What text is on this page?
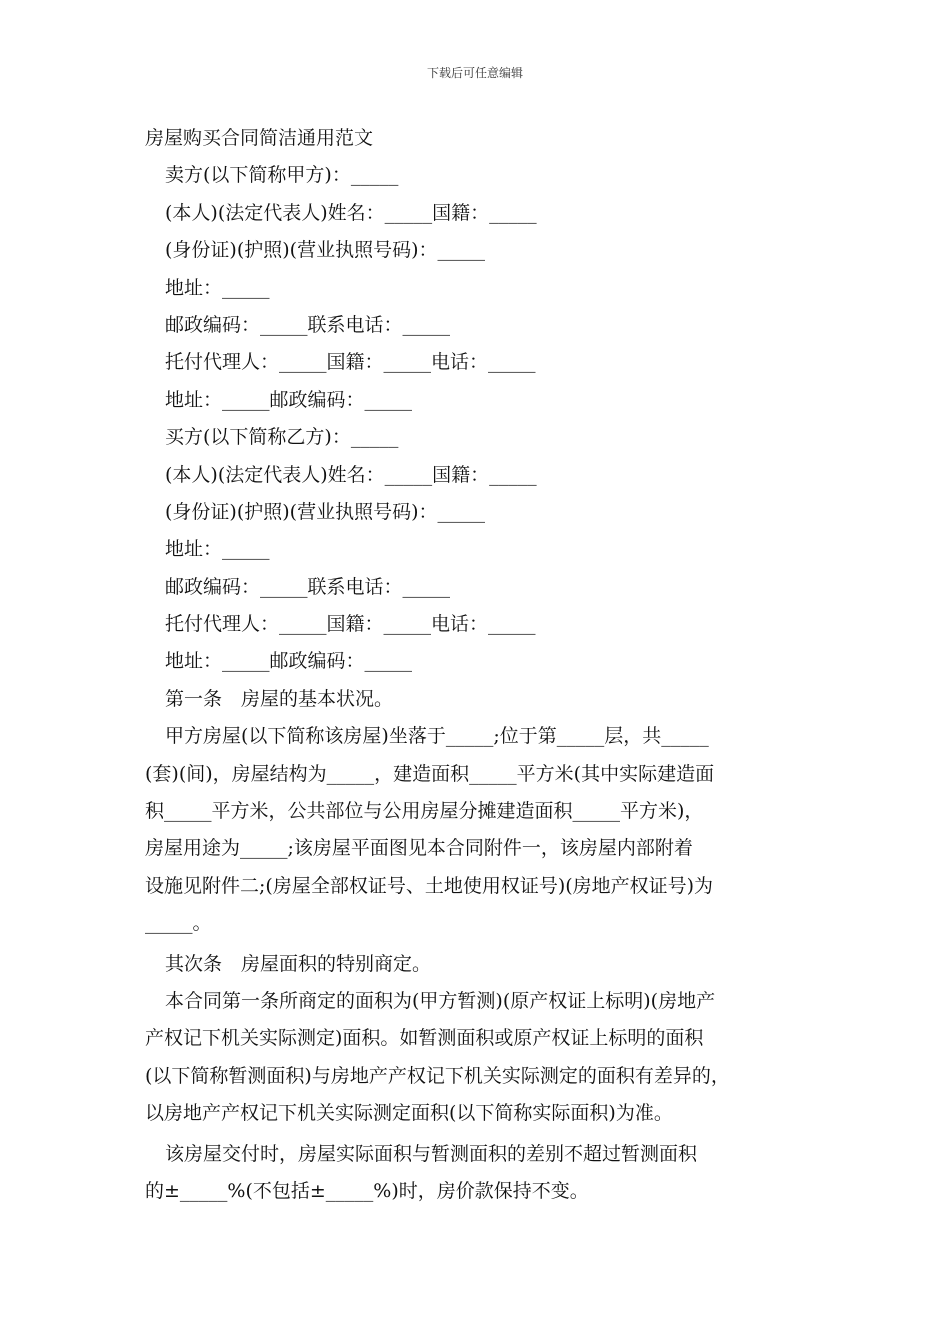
下载后可任意编辑
房屋购买合同简洁通用范文
卖方(以下简称甲方)：_____
(本人)(法定代表人)姓名：_____国籍：_____
(身份证)(护照)(营业执照号码)：_____
地址：_____
邮政编码：_____联系电话：_____
托付代理人：_____国籍：_____电话：_____
地址：_____邮政编码：_____
买方(以下简称乙方)：_____
(本人)(法定代表人)姓名：_____国籍：_____
(身份证)(护照)(营业执照号码)：_____
地址：_____
邮政编码：_____联系电话：_____
托付代理人：_____国籍：_____电话：_____
地址：_____邮政编码：_____
第一条　房屋的基本状况。
甲方房屋(以下简称该房屋)坐落于_____;位于第_____层，共_____
(套)(间)，房屋结构为_____，建造面积_____平方米(其中实际建造面
积_____平方米，公共部位与公用房屋分摊建造面积_____平方米)，
房屋用途为_____;该房屋平面图见本合同附件一，该房屋内部附着
设施见附件二;(房屋全部权证号、土地使用权证号)(房地产权证号)为
_____。
其次条　房屋面积的特别商定。
本合同第一条所商定的面积为(甲方暂测)(原产权证上标明)(房地产
产权记下机关实际测定)面积。如暂测面积或原产权证上标明的面积
(以下简称暂测面积)与房地产产权记下机关实际测定的面积有差异的，
以房地产产权记下机关实际测定面积(以下简称实际面积)为准。
该房屋交付时，房屋实际面积与暂测面积的差别不超过暂测面积
的±_____%(不包括±_____%)时，房价款保持不变。
